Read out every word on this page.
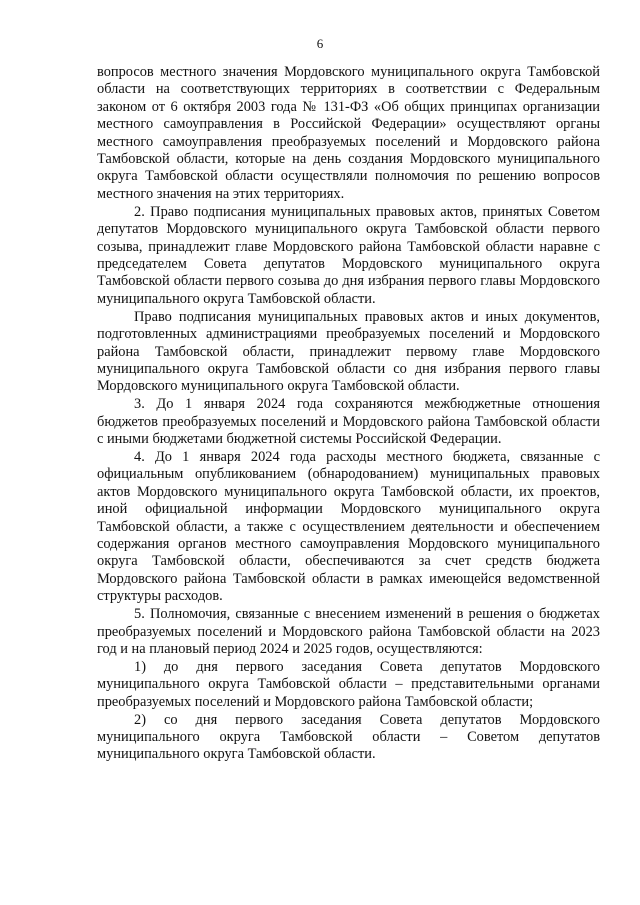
6

вопросов местного значения Мордовского муниципального округа Тамбовской области на соответствующих территориях в соответствии с Федеральным законом от 6 октября 2003 года № 131-ФЗ «Об общих принципах организации местного самоуправления в Российской Федерации» осуществляют органы местного самоуправления преобразуемых поселений и Мордовского района Тамбовской области, которые на день создания Мордовского муниципального округа Тамбовской области осуществляли полномочия по решению вопросов местного значения на этих территориях.

2. Право подписания муниципальных правовых актов, принятых Советом депутатов Мордовского муниципального округа Тамбовской области первого созыва, принадлежит главе Мордовского района Тамбовской области наравне с председателем Совета депутатов Мордовского муниципального округа Тамбовской области первого созыва до дня избрания первого главы Мордовского муниципального округа Тамбовской области.

Право подписания муниципальных правовых актов и иных документов, подготовленных администрациями преобразуемых поселений и Мордовского района Тамбовской области, принадлежит первому главе Мордовского муниципального округа Тамбовской области со дня избрания первого главы Мордовского муниципального округа Тамбовской области.

3. До 1 января 2024 года сохраняются межбюджетные отношения бюджетов преобразуемых поселений и Мордовского района Тамбовской области с иными бюджетами бюджетной системы Российской Федерации.

4. До 1 января 2024 года расходы местного бюджета, связанные с официальным опубликованием (обнародованием) муниципальных правовых актов Мордовского муниципального округа Тамбовской области, их проектов, иной официальной информации Мордовского муниципального округа Тамбовской области, а также с осуществлением деятельности и обеспечением содержания органов местного самоуправления Мордовского муниципального округа Тамбовской области, обеспечиваются за счет средств бюджета Мордовского района Тамбовской области в рамках имеющейся ведомственной структуры расходов.

5. Полномочия, связанные с внесением изменений в решения о бюджетах преобразуемых поселений и Мордовского района Тамбовской области на 2023 год и на плановый период 2024 и 2025 годов, осуществляются:

1) до дня первого заседания Совета депутатов Мордовского муниципального округа Тамбовской области – представительными органами преобразуемых поселений и Мордовского района Тамбовской области;

2) со дня первого заседания Совета депутатов Мордовского муниципального округа Тамбовской области – Советом депутатов муниципального округа Тамбовской области.
